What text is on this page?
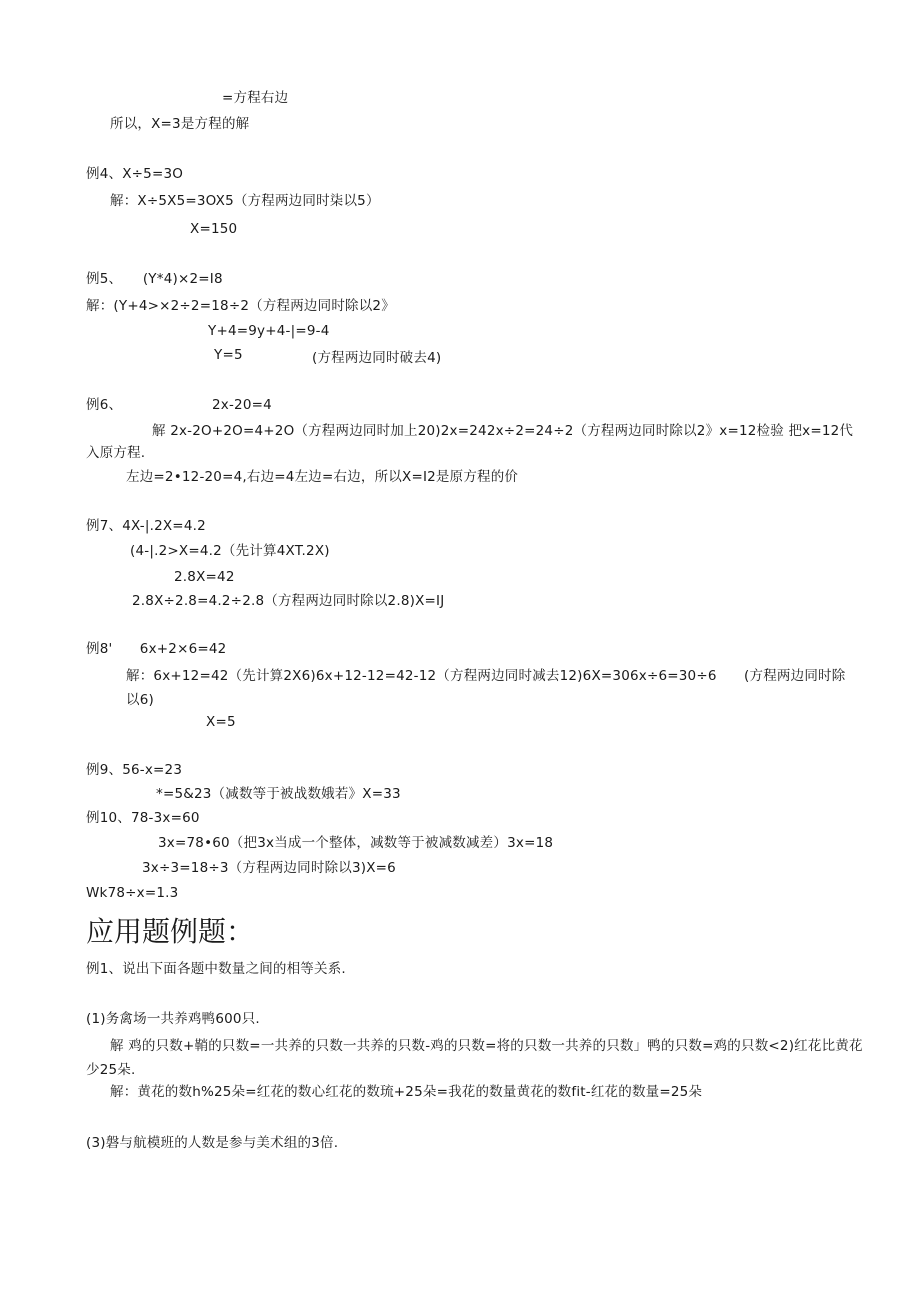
=方程右边
所以，X=3是方程的解
例4、X÷5=3O
解：X÷5X5=3OX5（方程两边同时柒以5）
X=150
例5、　　(Y*4)×2=I8
解：(Y+4>×2÷2=18÷2（方程两边同时除以2》
Y+4=9y+4-|=9-4
Y=5	(方程两边同时破去4)
例6、	2x-20=4
解 2x-2O+2O=4+2O（方程两边同时加上20)2x=242x÷2=24÷2（方程两边同时除以2》x=12检验 把x=12代入原方程.
左边=2•12-20=4,右边=4左边=右边，所以X=I2是原方程的价
例7、4X-|.2X=4.2
(4-|.2>X=4.2（先计算4XT.2X)
2.8X=42
2.8X÷2.8=4.2÷2.8（方程两边同时除以2.8)X=IJ
例8'　　6x+2×6=42
解：6x+12=42（先计算2X6)6x+12-12=42-12（方程两边同时减去12)6X=306x÷6=30÷6　　(方程两边同时除以6)
X=5
例9、56-x=23
*=5&23（减数等于被战数娥若》X=33
例10、78-3x=60
3x=78•60（把3x当成一个整体，减数等于被减数减差）3x=18
3x÷3=18÷3（方程两边同时除以3)X=6
Wk78÷x=1.3
应用题例题：
例1、说出下面各题中数量之间的相等关系.
(1)务禽场一共养鸡鸭600只.
解 鸡的只数+鞘的只数=一共养的只数一共养的只数-鸡的只数=将的只数一共养的只数」鸭的只数=鸡的只数<2)红花比黄花少25朵.
解：黄花的数h%25朵=红花的数心红花的数琉+25朵=我花的数量黄花的数fit-红花的数量=25朵
(3)磐与航模班的人数是参与美术组的3倍.
